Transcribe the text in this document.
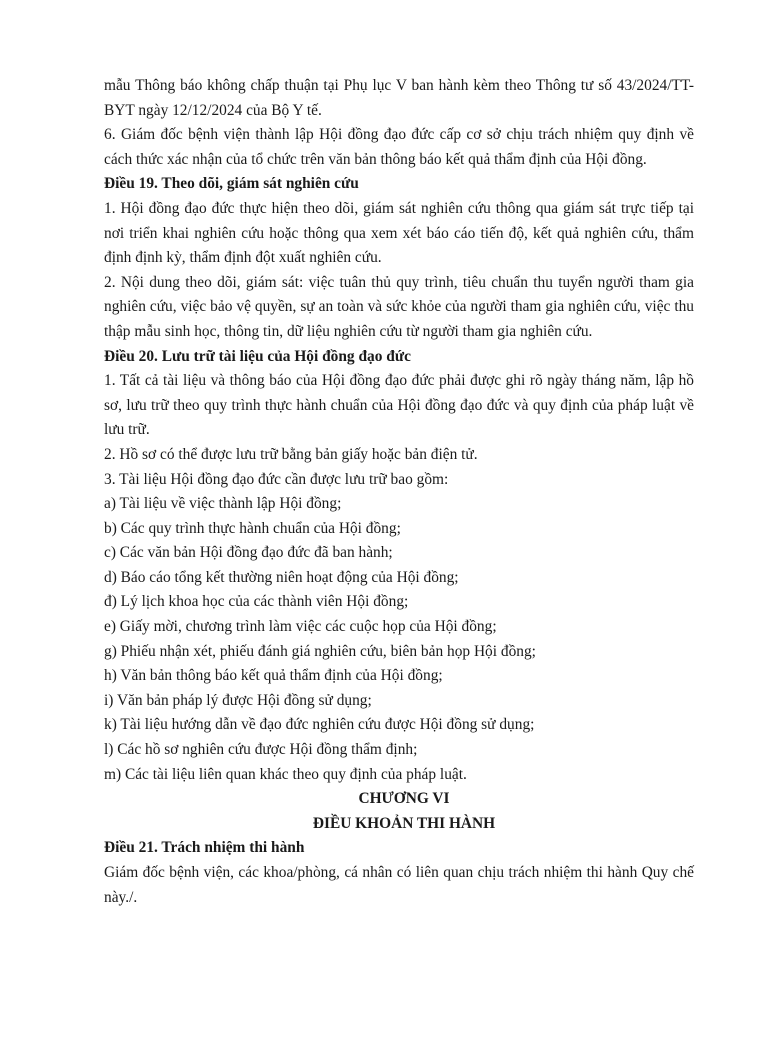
mẫu Thông báo không chấp thuận tại Phụ lục V ban hành kèm theo Thông tư số 43/2024/TT-BYT ngày 12/12/2024 của Bộ Y tế.

6. Giám đốc bệnh viện thành lập Hội đồng đạo đức cấp cơ sở chịu trách nhiệm quy định về cách thức xác nhận của tổ chức trên văn bản thông báo kết quả thẩm định của Hội đồng.

Điều 19. Theo dõi, giám sát nghiên cứu

1. Hội đồng đạo đức thực hiện theo dõi, giám sát nghiên cứu thông qua giám sát trực tiếp tại nơi triển khai nghiên cứu hoặc thông qua xem xét báo cáo tiến độ, kết quả nghiên cứu, thẩm định định kỳ, thẩm định đột xuất nghiên cứu.

2. Nội dung theo dõi, giám sát: việc tuân thủ quy trình, tiêu chuẩn thu tuyển người tham gia nghiên cứu, việc bảo vệ quyền, sự an toàn và sức khỏe của người tham gia nghiên cứu, việc thu thập mẫu sinh học, thông tin, dữ liệu nghiên cứu từ người tham gia nghiên cứu.

Điều 20. Lưu trữ tài liệu của Hội đồng đạo đức

1. Tất cả tài liệu và thông báo của Hội đồng đạo đức phải được ghi rõ ngày tháng năm, lập hồ sơ, lưu trữ theo quy trình thực hành chuẩn của Hội đồng đạo đức và quy định của pháp luật về lưu trữ.

2. Hồ sơ có thể được lưu trữ bằng bản giấy hoặc bản điện tử.

3. Tài liệu Hội đồng đạo đức cần được lưu trữ bao gồm:

a) Tài liệu về việc thành lập Hội đồng;

b) Các quy trình thực hành chuẩn của Hội đồng;

c) Các văn bản Hội đồng đạo đức đã ban hành;

d) Báo cáo tổng kết thường niên hoạt động của Hội đồng;

đ) Lý lịch khoa học của các thành viên Hội đồng;

e) Giấy mời, chương trình làm việc các cuộc họp của Hội đồng;

g) Phiếu nhận xét, phiếu đánh giá nghiên cứu, biên bản họp Hội đồng;

h) Văn bản thông báo kết quả thẩm định của Hội đồng;

i) Văn bản pháp lý được Hội đồng sử dụng;

k) Tài liệu hướng dẫn về đạo đức nghiên cứu được Hội đồng sử dụng;

l) Các hồ sơ nghiên cứu được Hội đồng thẩm định;

m) Các tài liệu liên quan khác theo quy định của pháp luật.

CHƯƠNG VI

ĐIỀU KHOẢN THI HÀNH

Điều 21. Trách nhiệm thi hành

Giám đốc bệnh viện, các khoa/phòng, cá nhân có liên quan chịu trách nhiệm thi hành Quy chế này./.
